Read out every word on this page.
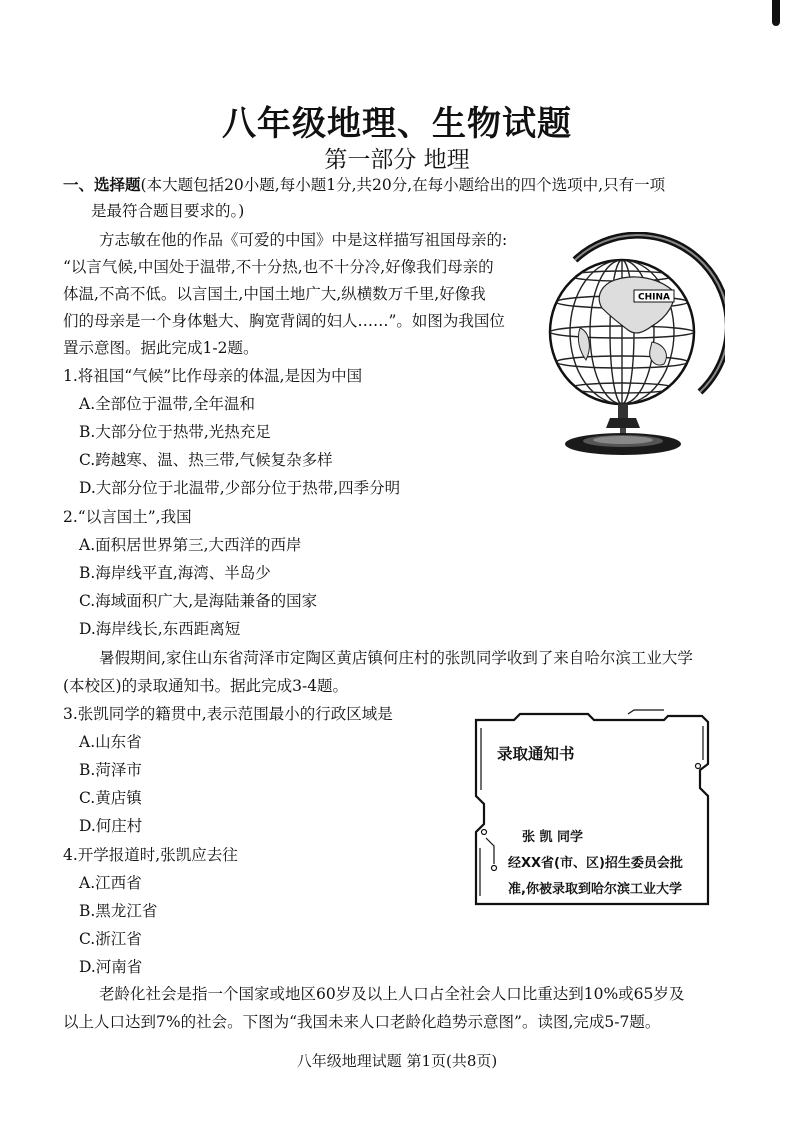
八年级地理、生物试题
第一部分 地理
一、选择题(本大题包括20小题,每小题1分,共20分,在每小题给出的四个选项中,只有一项
是最符合题目要求的。)
方志敏在他的作品《可爱的中国》中是这样描写祖国母亲的:
“以言气候,中国处于温带,不十分热,也不十分冷,好像我们母亲的
体温,不高不低。以言国土,中国土地广大,纵横数万千里,好像我
们的母亲是一个身体魁大、胸宽背阔的妇人……”。如图为我国位
置示意图。据此完成1-2题。
1.将祖国“气候”比作母亲的体温,是因为中国
A.全部位于温带,全年温和
B.大部分位于热带,光热充足
C.跨越寒、温、热三带,气候复杂多样
D.大部分位于北温带,少部分位于热带,四季分明
2.“以言国土”,我国
A.面积居世界第三,大西洋的西岸
B.海岸线平直,海湾、半岛少
C.海域面积广大,是海陆兼备的国家
D.海岸线长,东西距离短
暑假期间,家住山东省菏泽市定陶区黄店镇何庄村的张凯同学收到了来自哈尔滨工业大学
(本校区)的录取通知书。据此完成3-4题。
3.张凯同学的籍贯中,表示范围最小的行政区域是
A.山东省
B.菏泽市
C.黄店镇
D.何庄村
4.开学报道时,张凯应去往
A.江西省
B.黑龙江省
C.浙江省
D.河南省
老龄化社会是指一个国家或地区60岁及以上人口占全社会人口比重达到10%或65岁及
以上人口达到7%的社会。下图为“我国未来人口老龄化趋势示意图”。读图,完成5-7题。
CHINA
录取通知书
张 凯 同学
经XX省(市、区)招生委员会批
准,你被录取到哈尔滨工业大学
八年级地理试题 第1页(共8页)
